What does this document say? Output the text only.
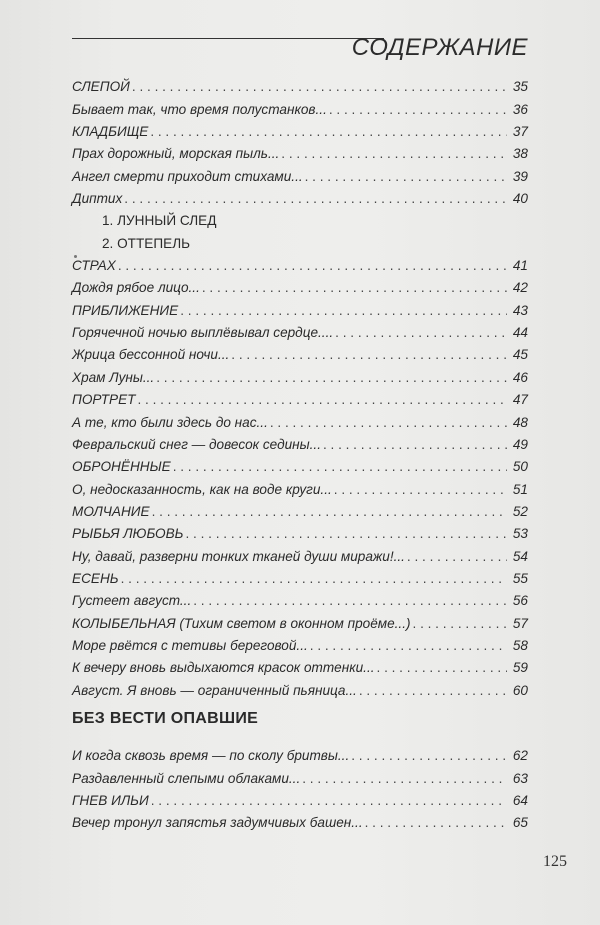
СОДЕРЖАНИЕ
СЛЕПОЙ . . .	35
Бывает так, что время полустанков... . . .	36
КЛАДБИЩЕ . . .	37
Прах дорожный, морская пыль... . . .	38
Ангел смерти приходит стихами... . . .	39
Диптих . . .	40
1. ЛУННЫЙ СЛЕД
2. ОТТЕПЕЛЬ
СТРАХ . . .	41
Дождя рябое лицо... . . .	42
ПРИБЛИЖЕНИЕ . . .	43
Горячечной ночью выплёвывал сердце.... . . .	44
Жрица бессонной ночи... . . .	45
Храм Луны... . . .	46
ПОРТРЕТ . . .	47
А те, кто были здесь до нас... . . .	48
Февральский снег — довесок седины... . . .	49
ОБРОНЁННЫЕ . . .	50
О, недосказанность, как на воде круги... . . .	51
МОЛЧАНИЕ . . .	52
РЫБЬЯ ЛЮБОВЬ . . .	53
Ну, давай, разверни тонких тканей души миражи!... . . .	54
ЕСЕНЬ . . .	55
Густеет август... . . .	56
КОЛЫБЕЛЬНАЯ (Тихим светом в оконном проёме...) . . .	57
Море рвётся с тетивы береговой... . . .	58
К вечеру вновь выдыхаются красок оттенки... . . .	59
Август. Я вновь — ограниченный пьяница... . . .	60
БЕЗ ВЕСТИ ОПАВШИЕ
И когда сквозь время — по сколу бритвы... . . .	62
Раздавленный слепыми облаками... . . .	63
ГНЕВ ИЛЬИ . . .	64
Вечер тронул запястья задумчивых башен... . . .	65
125
